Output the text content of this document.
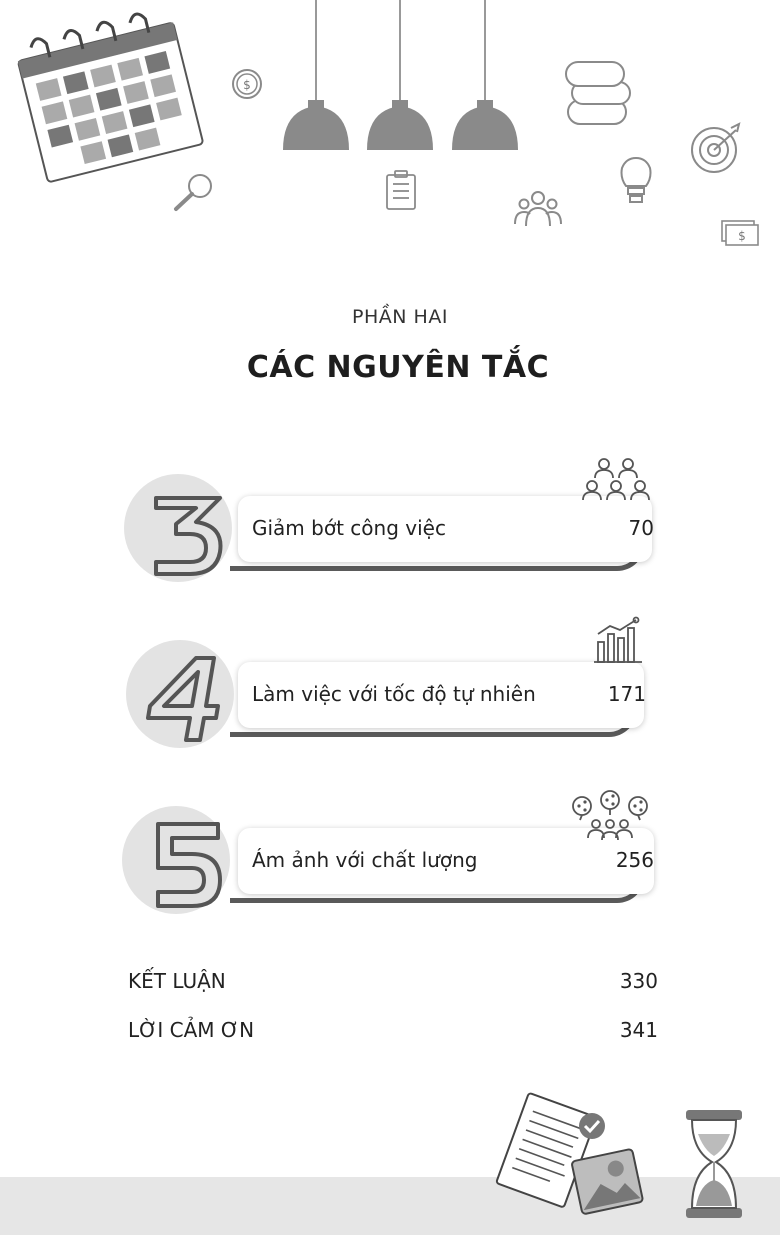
$
$
PHẦN HAI
CÁC NGUYÊN TẮC
Giảm bớt công việc	70
Làm việc với tốc độ tự nhiên	171
Ám ảnh với chất lượng	256
KẾT LUẬN	330
LỜI CẢM ƠN	341
